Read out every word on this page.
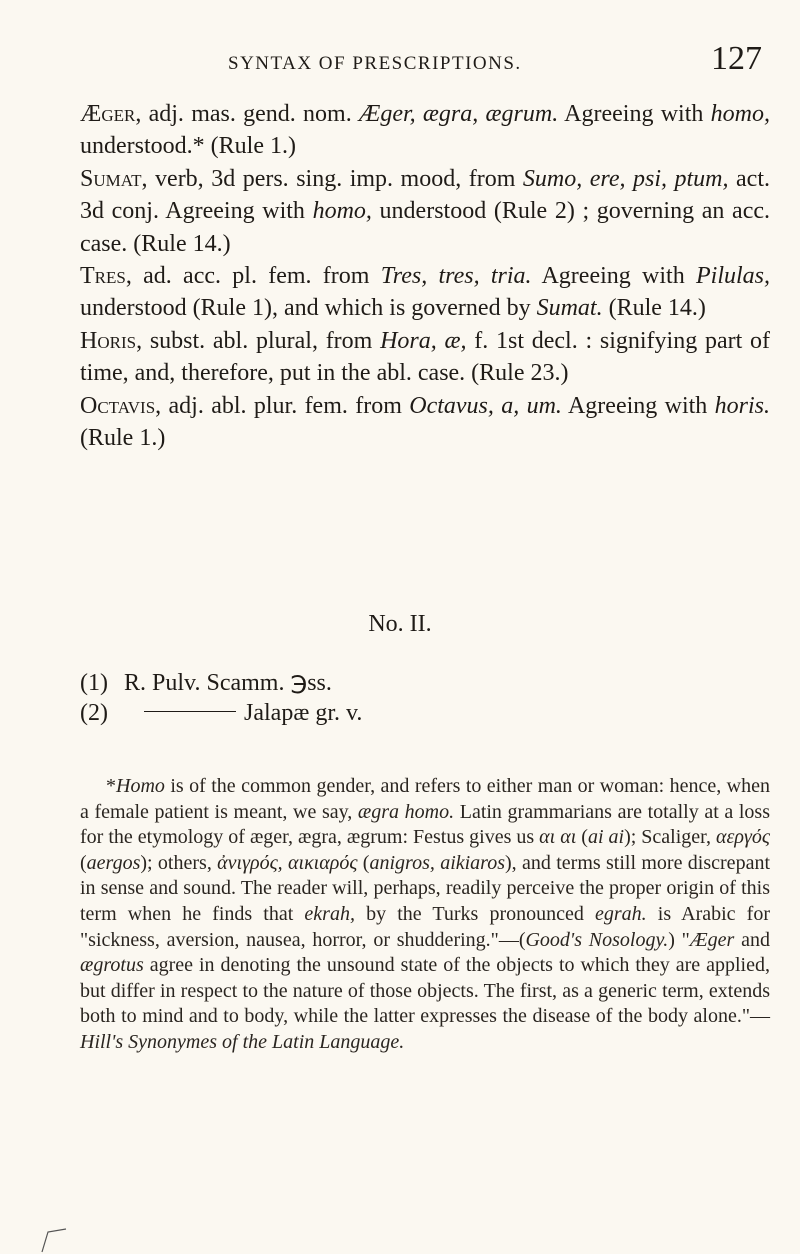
SYNTAX OF PRESCRIPTIONS.	127

Æger, adj. mas. gend. nom. Æger, ægra, ægrum. Agreeing with homo, understood.* (Rule 1.)

Sumat, verb, 3d pers. sing. imp. mood, from Sumo, ere, psi, ptum, act. 3d conj. Agreeing with homo, understood (Rule 2) ; governing an acc. case. (Rule 14.)

Tres, ad. acc. pl. fem. from Tres, tres, tria. Agreeing with Pilulas, understood (Rule 1), and which is governed by Sumat. (Rule 14.)

Horis, subst. abl. plural, from Hora, æ, f. 1st decl. : signifying part of time, and, therefore, put in the abl. case. (Rule 23.)

Octavis, adj. abl. plur. fem. from Octavus, a, um. Agreeing with horis. (Rule 1.)

No. II.
(1) R. Pulv. Scamm. ℈ss.
(2)	Jalapæ gr. v.

*Homo is of the common gender, and refers to either man or woman: hence, when a female patient is meant, we say, ægra homo. Latin grammarians are totally at a loss for the etymology of æger, ægra, ægrum: Festus gives us αι αι (ai ai); Scaliger, αεργός (aergos); others, ἀνιγρός, αικιαρός (anigros, aikiaros), and terms still more discrepant in sense and sound. The reader will, perhaps, readily perceive the proper origin of this term when he finds that ekrah, by the Turks pronounced egrah. is Arabic for "sickness, aversion, nausea, horror, or shuddering."—(Good's Nosology.) "Æger and ægrotus agree in denoting the unsound state of the objects to which they are applied, but differ in respect to the nature of those objects. The first, as a generic term, extends both to mind and to body, while the latter expresses the disease of the body alone."—Hill's Synonymes of the Latin Language.
